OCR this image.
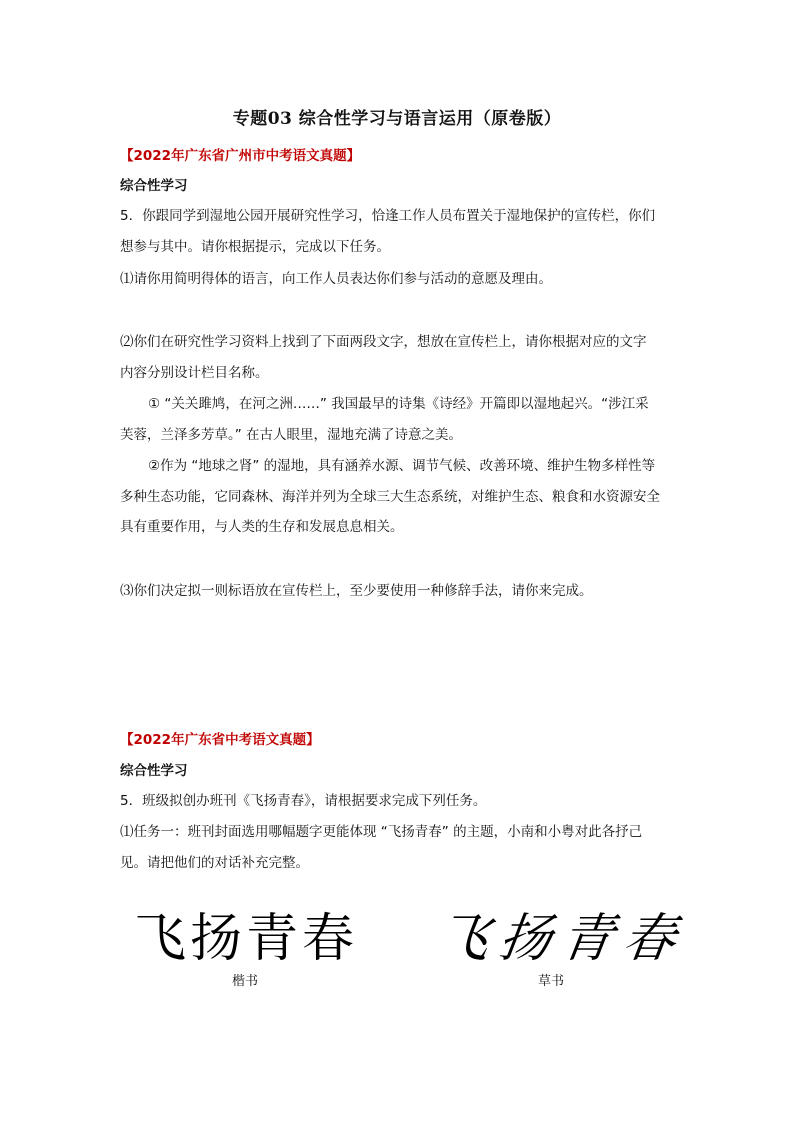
专题03 综合性学习与语言运用（原卷版）
【2022年广东省广州市中考语文真题】
综合性学习
5．你跟同学到湿地公园开展研究性学习，恰逢工作人员布置关于湿地保护的宣传栏，你们
想参与其中。请你根据提示，完成以下任务。
⑴请你用简明得体的语言，向工作人员表达你们参与活动的意愿及理由。
⑵你们在研究性学习资料上找到了下面两段文字，想放在宣传栏上，请你根据对应的文字
内容分别设计栏目名称。
① “关关雎鸠，在河之洲……” 我国最早的诗集《诗经》开篇即以湿地起兴。“涉江采
芙蓉，兰泽多芳草。” 在古人眼里，湿地充满了诗意之美。
②作为 “地球之肾” 的湿地，具有涵养水源、调节气候、改善环境、维护生物多样性等
多种生态功能，它同森林、海洋并列为全球三大生态系统，对维护生态、粮食和水资源安全
具有重要作用，与人类的生存和发展息息相关。
⑶你们决定拟一则标语放在宣传栏上，至少要使用一种修辞手法，请你来完成。
【2022年广东省中考语文真题】
综合性学习
5．班级拟创办班刊《飞扬青春》，请根据要求完成下列任务。
⑴任务一：班刊封面选用哪幅题字更能体现 “飞扬青春” 的主题，小南和小粤对此各抒己
见。请把他们的对话补充完整。
飞扬青春 飞扬青春
楷书	草书
